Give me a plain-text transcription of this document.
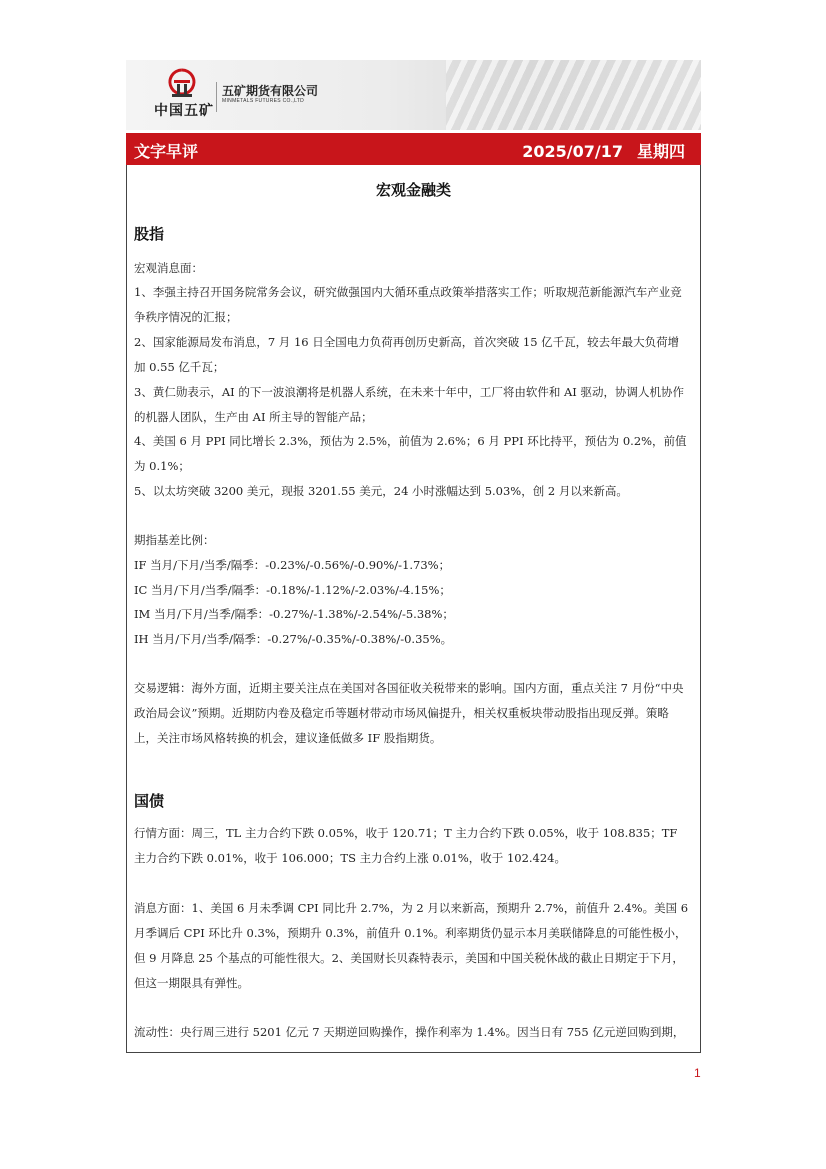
中国五矿
五矿期货有限公司
MINMETALS FUTURES CO.,LTD
文字早评	2025/07/17 星期四
宏观金融类
股指

宏观消息面：

1、李强主持召开国务院常务会议，研究做强国内大循环重点政策举措落实工作；听取规范新能源汽车产业竞争秩序情况的汇报；

2、国家能源局发布消息，7 月 16 日全国电力负荷再创历史新高，首次突破 15 亿千瓦，较去年最大负荷增加 0.55 亿千瓦；

3、黄仁勋表示，AI 的下一波浪潮将是机器人系统，在未来十年中，工厂将由软件和 AI 驱动，协调人机协作的机器人团队，生产由 AI 所主导的智能产品；

4、美国 6 月 PPI 同比增长 2.3%，预估为 2.5%，前值为 2.6%；6 月 PPI 环比持平，预估为 0.2%，前值为 0.1%；

5、以太坊突破 3200 美元，现报 3201.55 美元，24 小时涨幅达到 5.03%，创 2 月以来新高。

期指基差比例：

IF 当月/下月/当季/隔季：-0.23%/-0.56%/-0.90%/-1.73%；

IC 当月/下月/当季/隔季：-0.18%/-1.12%/-2.03%/-4.15%；

IM 当月/下月/当季/隔季：-0.27%/-1.38%/-2.54%/-5.38%；

IH 当月/下月/当季/隔季：-0.27%/-0.35%/-0.38%/-0.35%。

交易逻辑：海外方面，近期主要关注点在美国对各国征收关税带来的影响。国内方面，重点关注 7 月份“中央政治局会议”预期。近期防内卷及稳定币等题材带动市场风偏提升，相关权重板块带动股指出现反弹。策略上，关注市场风格转换的机会，建议逢低做多 IF 股指期货。

国债

行情方面：周三，TL 主力合约下跌 0.05%，收于 120.71；T 主力合约下跌 0.05%，收于 108.835；TF 主力合约下跌 0.01%，收于 106.000；TS 主力合约上涨 0.01%，收于 102.424。

消息方面：1、美国 6 月未季调 CPI 同比升 2.7%，为 2 月以来新高，预期升 2.7%，前值升 2.4%。美国 6 月季调后 CPI 环比升 0.3%，预期升 0.3%，前值升 0.1%。利率期货仍显示本月美联储降息的可能性极小，但 9 月降息 25 个基点的可能性很大。2、美国财长贝森特表示，美国和中国关税休战的截止日期定于下月，但这一期限具有弹性。

流动性：央行周三进行 5201 亿元 7 天期逆回购操作，操作利率为 1.4%。因当日有 755 亿元逆回购到期，

1
